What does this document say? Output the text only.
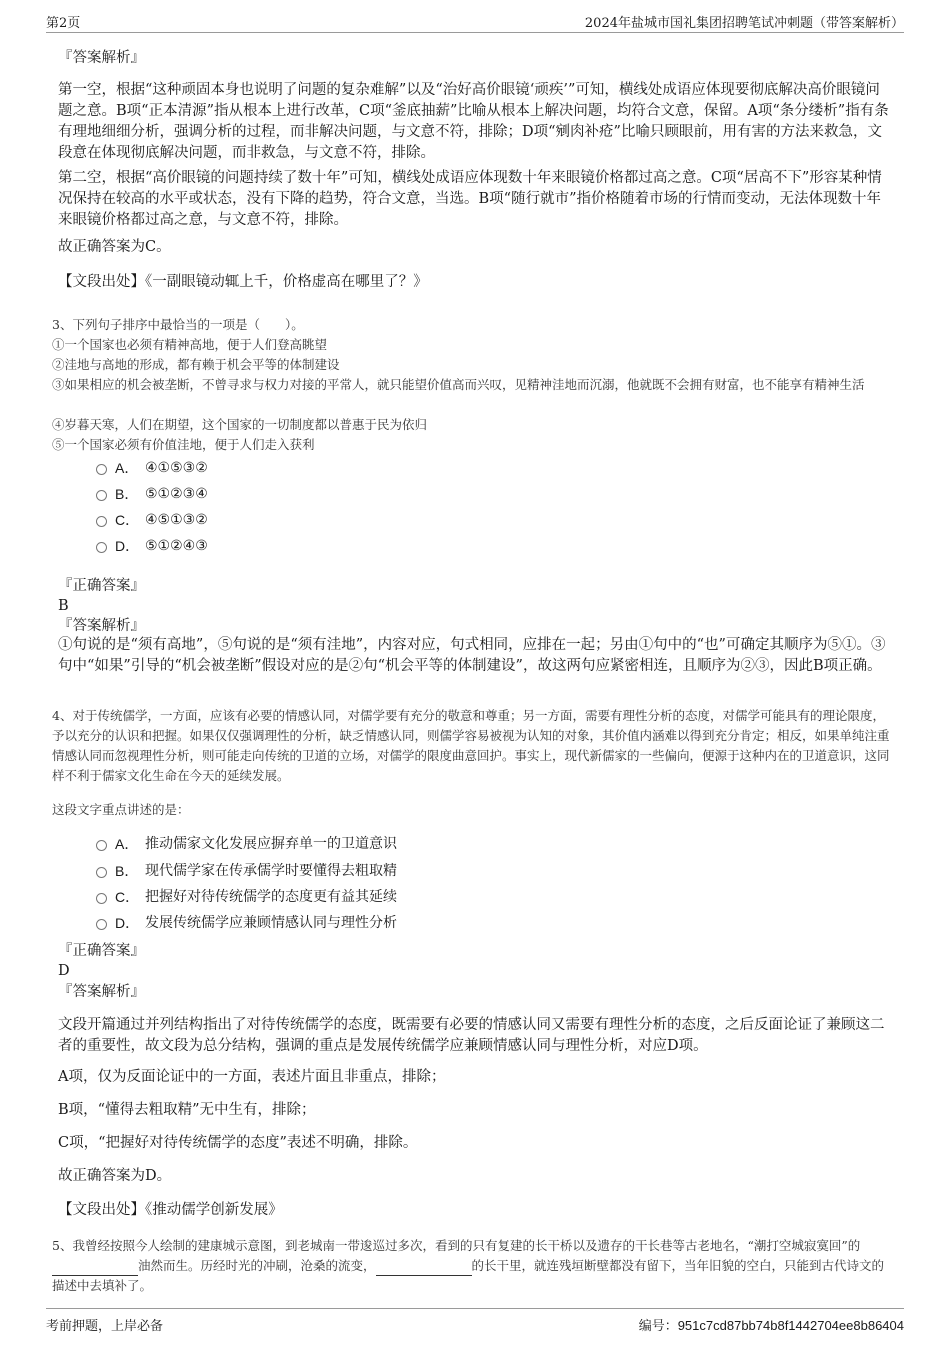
第2页	2024年盐城市国礼集团招聘笔试冲刺题（带答案解析）
『答案解析』
第一空，根据“这种顽固本身也说明了问题的复杂难解”以及“治好高价眼镜‘顽疾’”可知，横线处成语应体现要彻底解决高价眼镜问题之意。B项“正本清源”指从根本上进行改革，C项“釜底抽薪”比喻从根本上解决问题，均符合文意，保留。A项“条分缕析”指有条有理地细细分析，强调分析的过程，而非解决问题，与文意不符，排除；D项“剜肉补疮”比喻只顾眼前，用有害的方法来救急，文段意在体现彻底解决问题，而非救急，与文意不符，排除。
第二空，根据“高价眼镜的问题持续了数十年”可知，横线处成语应体现数十年来眼镜价格都过高之意。C项“居高不下”形容某种情况保持在较高的水平或状态，没有下降的趋势，符合文意，当选。B项“随行就市”指价格随着市场的行情而变动，无法体现数十年来眼镜价格都过高之意，与文意不符，排除。
故正确答案为C。
【文段出处】《一副眼镜动辄上千，价格虚高在哪里了？》
3、下列句子排序中最恰当的一项是（　　）。
①一个国家也必须有精神高地，便于人们登高眺望
②洼地与高地的形成，都有赖于机会平等的体制建设
③如果相应的机会被垄断，不曾寻求与权力对接的平常人，就只能望价值高而兴叹，见精神洼地而沉溺，他就既不会拥有财富，也不能享有精神生活
④岁暮天寒，人们在期望，这个国家的一切制度都以普惠于民为依归
⑤一个国家必须有价值洼地，便于人们走入获利
A． ④①⑤③②
B． ⑤①②③④
C． ④⑤①③②
D． ⑤①②④③
『正确答案』
B
『答案解析』
①句说的是“须有高地”，⑤句说的是“须有洼地”，内容对应，句式相同，应排在一起；另由①句中的“也”可确定其顺序为⑤①。③句中“如果”引导的“机会被垄断”假设对应的是②句“机会平等的体制建设”，故这两句应紧密相连，且顺序为②③，因此B项正确。
4、对于传统儒学，一方面，应该有必要的情感认同，对儒学要有充分的敬意和尊重；另一方面，需要有理性分析的态度，对儒学可能具有的理论限度，予以充分的认识和把握。如果仅仅强调理性的分析，缺乏情感认同，则儒学容易被视为认知的对象，其价值内涵难以得到充分肯定；相反，如果单纯注重情感认同而忽视理性分析，则可能走向传统的卫道的立场，对儒学的限度曲意回护。事实上，现代新儒家的一些偏向，便源于这种内在的卫道意识，这同样不利于儒家文化生命在今天的延续发展。
这段文字重点讲述的是：
A． 推动儒家文化发展应摒弃单一的卫道意识
B． 现代儒学家在传承儒学时要懂得去粗取精
C． 把握好对待传统儒学的态度更有益其延续
D． 发展传统儒学应兼顾情感认同与理性分析
『正确答案』
D
『答案解析』
文段开篇通过并列结构指出了对待传统儒学的态度，既需要有必要的情感认同又需要有理性分析的态度，之后反面论证了兼顾这二者的重要性，故文段为总分结构，强调的重点是发展传统儒学应兼顾情感认同与理性分析，对应D项。
A项，仅为反面论证中的一方面，表述片面且非重点，排除；
B项，“懂得去粗取精”无中生有，排除；
C项，“把握好对待传统儒学的态度”表述不明确，排除。
故正确答案为D。
【文段出处】《推动儒学创新发展》
5、我曾经按照今人绘制的建康城示意图，到老城南一带逡巡过多次，看到的只有复建的长干桥以及遗存的干长巷等古老地名，“潮打空城寂寞回”的油然而生。历经时光的冲刷，沧桑的流变，	的长干里，就连残垣断壁都没有留下，当年旧貌的空白，只能到古代诗文的描述中去填补了。
考前押题，上岸必备	编号：951c7cd87bb74b8f1442704ee8b86404
